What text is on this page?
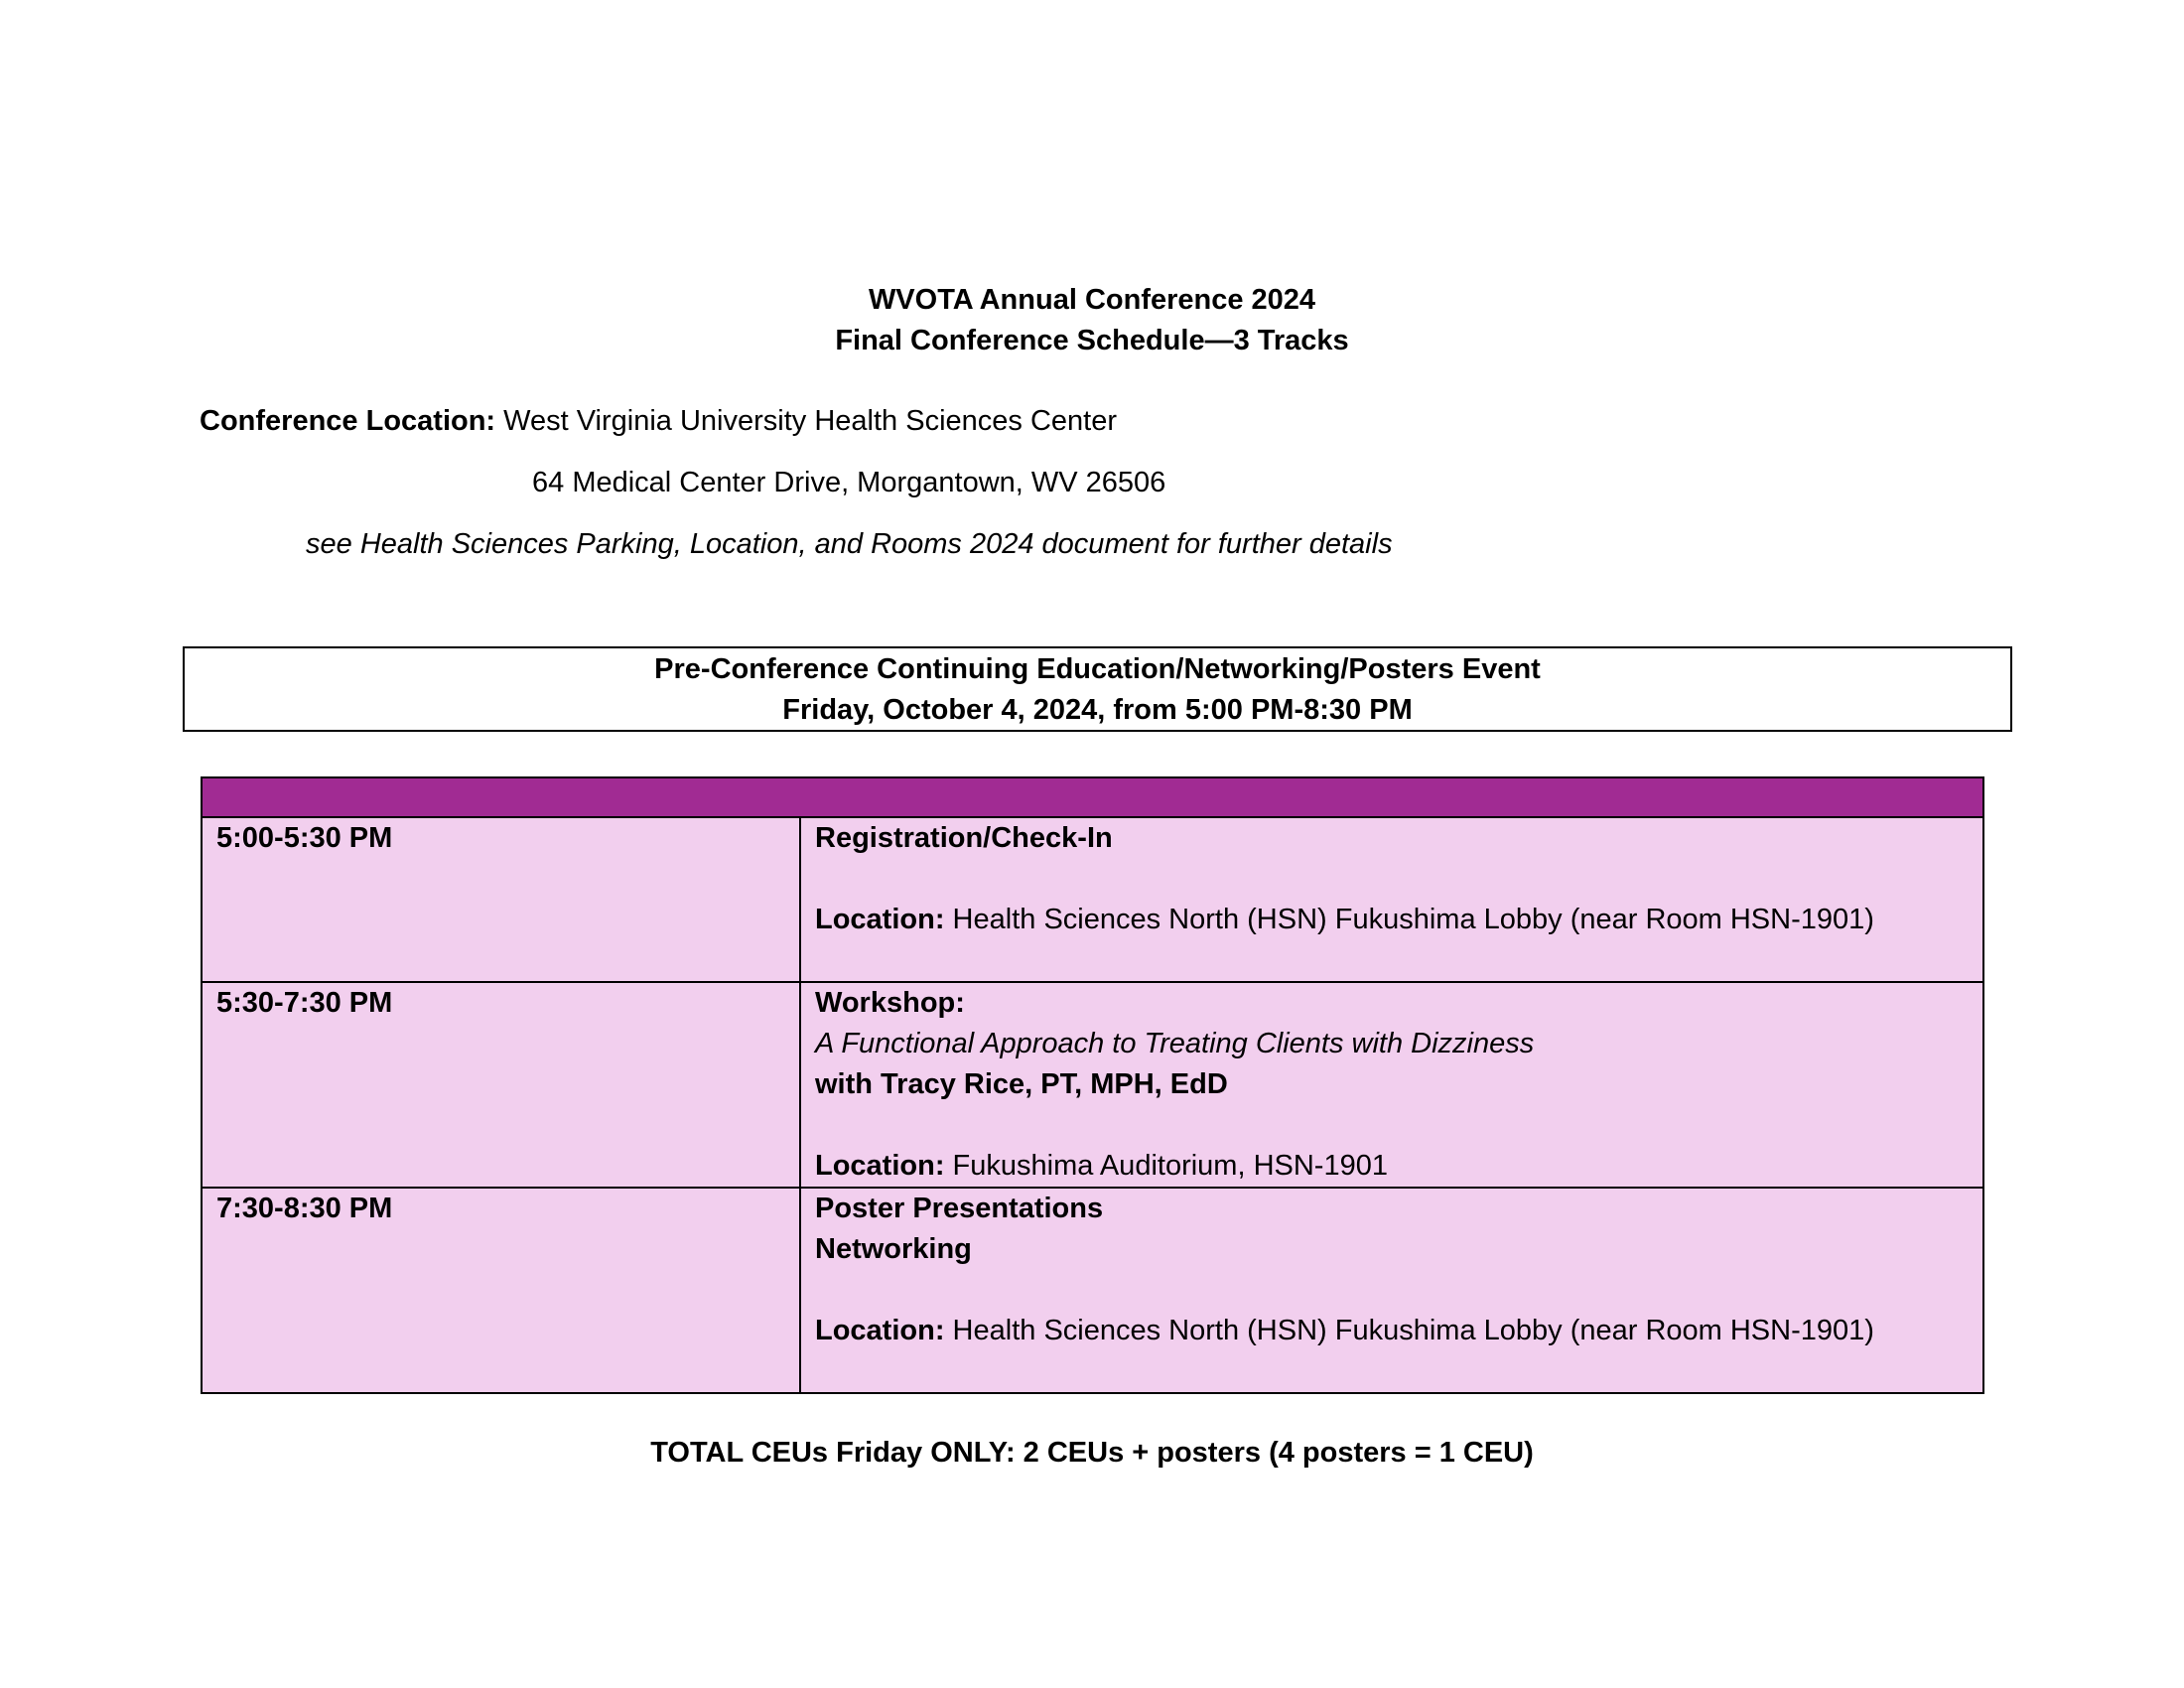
WVOTA Annual Conference 2024
Final Conference Schedule—3 Tracks
Conference Location: West Virginia University Health Sciences Center
64 Medical Center Drive, Morgantown, WV 26506
see Health Sciences Parking, Location, and Rooms 2024 document for further details
Pre-Conference Continuing Education/Networking/Posters Event
Friday, October 4, 2024, from 5:00 PM-8:30 PM

5:00-5:30 PM	Registration/Check-In
Location: Health Sciences North (HSN) Fukushima Lobby (near Room HSN-1901)

5:30-7:30 PM	Workshop:
A Functional Approach to Treating Clients with Dizziness
with Tracy Rice, PT, MPH, EdD
Location: Fukushima Auditorium, HSN-1901

7:30-8:30 PM	Poster Presentations
Networking
Location: Health Sciences North (HSN) Fukushima Lobby (near Room HSN-1901)
TOTAL CEUs Friday ONLY: 2 CEUs + posters (4 posters = 1 CEU)
